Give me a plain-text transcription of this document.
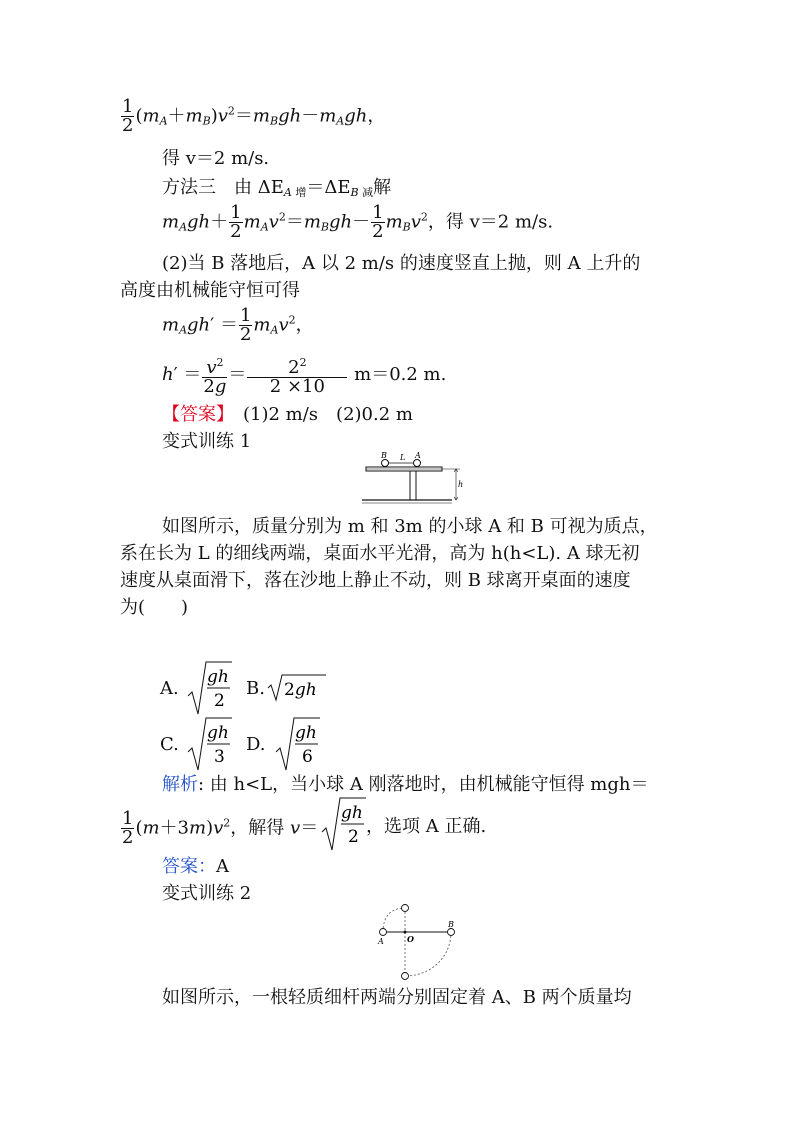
$\frac{1}{2} (m_A+m_B)v^2=m_Bgh-m_Agh$，
得 v＝2 m/s.
方法三　由 $\Delta E_{A 增}=\Delta E_{B 减}$解
$m_Agh+ \frac{1}{2} m_Av^2=m_Bgh- \frac{1}{2} m_Bv^2$，得 v＝2 m/s.
(2)当 B 落地后，A 以 2 m/s 的速度竖直上抛，则 A 上升的
高度由机械能守恒可得
$m_Agh' = \frac{1}{2} m_Av^2$，
$h' = \frac{v^2}{2g} = \frac{2^2}{2 \times 10} m=0.2$ m.
【答案】　 (1)2 m/s　(2)0.2 m
变式训练 1
B L A
h
如图所示，质量分别为 m 和 3m 的小球 A 和 B 可视为质点，
系在长为 L 的细线两端，桌面水平光滑，高为 h(h<L). A 球无初
速度从桌面滑下，落在沙地上静止不动，则 B 球离开桌面的速度
为(　　)
A.
gh
2
B. 2gh
C.
gh
3
D.
gh
6
解析: 由 h<L，当小球 A 刚落地时，由机械能守恒得 mgh＝
$\frac{1}{2} (m+3m)v^2$，解得 v＝
gh
2 ，选项 A 正确.
答案：A
变式训练 2
A	O
B
如图所示，一根轻质细杆两端分别固定着 A、B 两个质量均
